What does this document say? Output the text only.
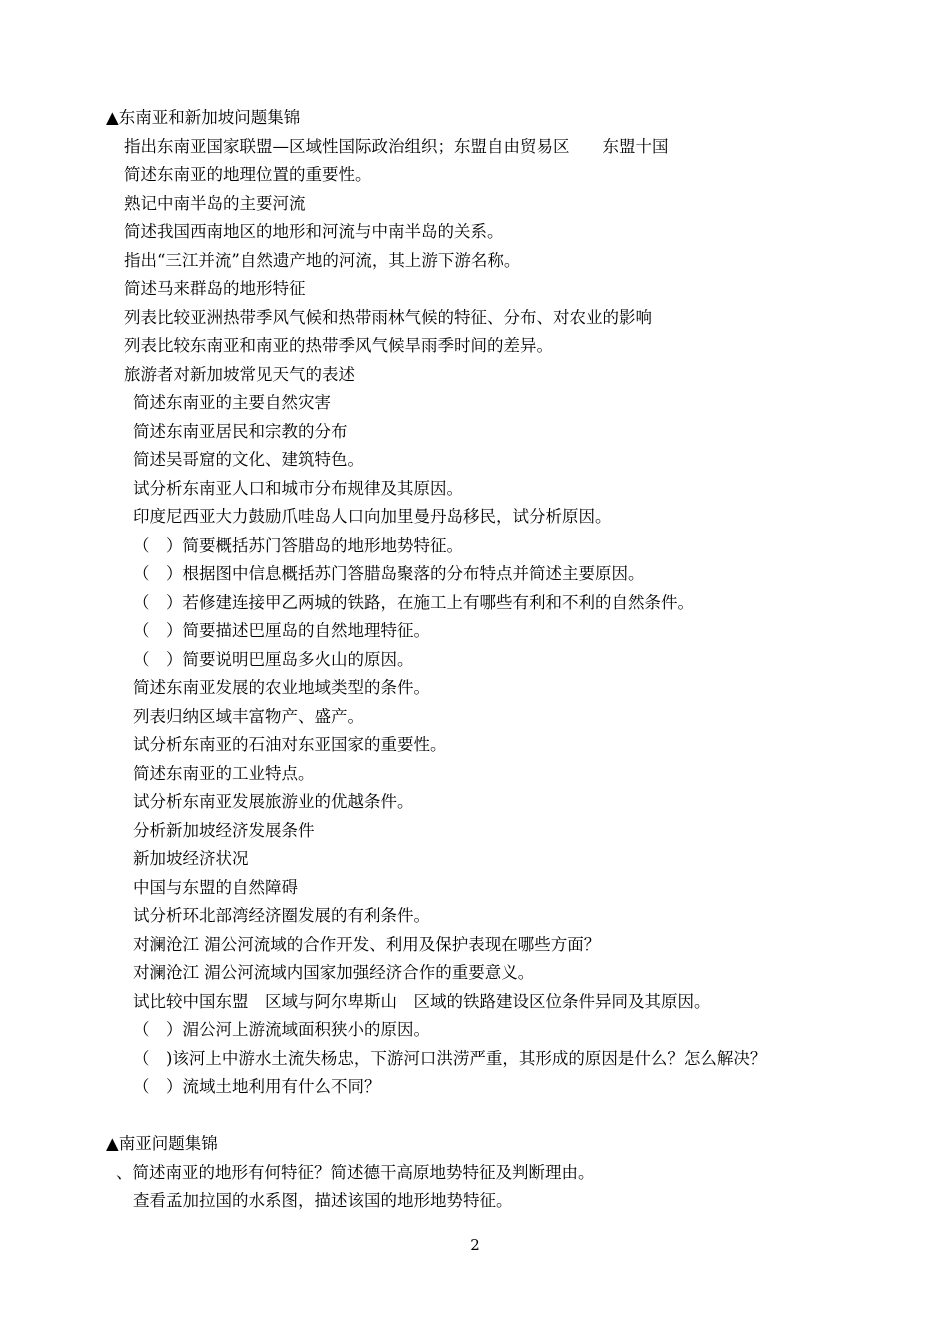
▲东南亚和新加坡问题集锦
指出东南亚国家联盟—区域性国际政治组织；东盟自由贸易区　　东盟十国
简述东南亚的地理位置的重要性。
熟记中南半岛的主要河流
简述我国西南地区的地形和河流与中南半岛的关系。
指出“三江并流”自然遗产地的河流，其上游下游名称。
简述马来群岛的地形特征
列表比较亚洲热带季风气候和热带雨林气候的特征、分布、对农业的影响
列表比较东南亚和南亚的热带季风气候旱雨季时间的差异。
旅游者对新加坡常见天气的表述
简述东南亚的主要自然灾害
简述东南亚居民和宗教的分布
简述吴哥窟的文化、建筑特色。
试分析东南亚人口和城市分布规律及其原因。
印度尼西亚大力鼓励爪哇岛人口向加里曼丹岛移民，试分析原因。
（　）简要概括苏门答腊岛的地形地势特征。
（　）根据图中信息概括苏门答腊岛聚落的分布特点并简述主要原因。
（　）若修建连接甲乙两城的铁路，在施工上有哪些有利和不利的自然条件。
（　）简要描述巴厘岛的自然地理特征。
（　）简要说明巴厘岛多火山的原因。
简述东南亚发展的农业地域类型的条件。
列表归纳区域丰富物产、盛产。
试分析东南亚的石油对东亚国家的重要性。
简述东南亚的工业特点。
试分析东南亚发展旅游业的优越条件。
分析新加坡经济发展条件
新加坡经济状况
中国与东盟的自然障碍
试分析环北部湾经济圈发展的有利条件。
对澜沧江 湄公河流域的合作开发、利用及保护表现在哪些方面？
对澜沧江 湄公河流域内国家加强经济合作的重要意义。
试比较中国东盟　区域与阿尔卑斯山　区域的铁路建设区位条件异同及其原因。
（　）湄公河上游流域面积狭小的原因。
（　)该河上中游水土流失杨忠，下游河口洪涝严重，其形成的原因是什么？怎么解决？
（　）流域土地利用有什么不同？
▲南亚问题集锦
、简述南亚的地形有何特征？简述德干高原地势特征及判断理由。
查看孟加拉国的水系图，描述该国的地形地势特征。
2
